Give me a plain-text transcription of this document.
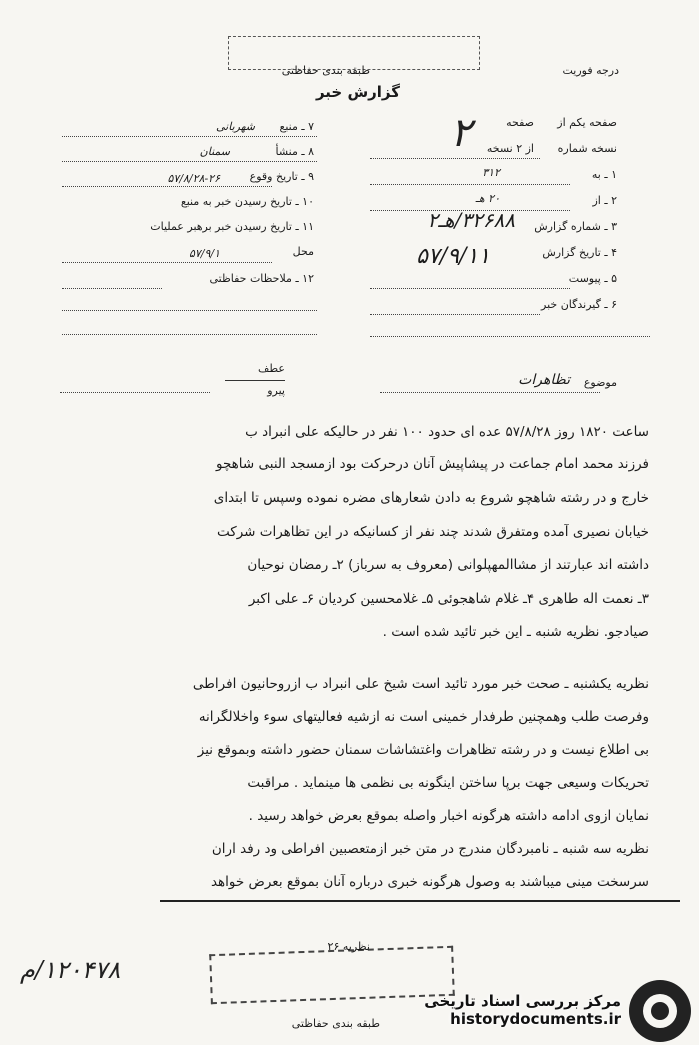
طبقه بندی حفاظتی	درجه فوریت
گزارش خبر
۷ ـ منبع
شهربانی
۸ ـ منشأ
سمنان
۹ ـ تاریخ وقوع
۵۷/۸/۲۸-۲۶
۱۰ ـ تاریخ رسیدن خبر به منبع
۱۱ ـ تاریخ رسیدن خبر برهبر عملیات
محل
۵۷/۹/۱
۱۲ ـ ملاحظات حفاظتی
صفحه یکم از
صفحه
۲	نسخه شماره
از ۲ نسخه
۱ ـ به
۳۱۲
۲ ـ از
۲۰ هـ
۳ ـ شماره گزارش
۳۲۶۸۸/هـ۲
۴ ـ تاریخ گزارش
۵۷/۹/۱۱
۵ ـ پیوست
۶ ـ گیرندگان خبر
عطف
پیرو
موضوع
تظاهرات
ساعت ۱۸۲۰ روز ۵۷/۸/۲۸ عده ای حدود ۱۰۰ نفر در حالیکه علی انبراد ب
فرزند محمد امام جماعت در پیشاپیش آنان درحرکت بود ازمسجد النبی شاهچو
خارج و در رشته شاهچو شروع به دادن شعارهای مضره نموده وسپس تا ابتدای
خیابان نصیری آمده ومتفرق شدند چند نفر از کسانیکه در این تظاهرات شرکت
داشته اند عبارتند از مشاالمهپلوانی (معروف به سرباز) ۲ـ رمضان نوحیان
۳ـ نعمت اله طاهری ۴ـ غلام شاهجوئی ۵ـ غلامحسین کردیان ۶ـ علی اکبر
صیادجو. نظریه شنبه ـ این خبر تائید شده است .
نظریه یکشنبه ـ صحت خبر مورد تائید است شیخ علی انبراد ب ازروحانیون افراطی
وفرصت طلب وهمچنین طرفدار خمینی است نه ازشیه فعالیتهای سوء واخلالگرانه
بی اطلاع نیست و در رشته تظاهرات واغتشاشات سمنان حضور داشته وبموقع نیز
تحریکات وسیعی جهت برپا ساختن اینگونه بی نظمی ها مینماید . مراقبت
نمایان ازوی ادامه داشته هرگونه اخبار واصله بموقع بعرض خواهد رسید .
نظریه سه شنبه ـ نامبردگان مندرج در متن خبر ازمتعصبین افراطی ود رفد اران
سرسخت مینی میباشند به وصول هرگونه خبری درباره آنان بموقع بعرض خواهد
نظریه ۲۶
۱۲۰۴۷۸/م
طبقه بندی حفاظتی
مرکز بررسی اسناد تاریخی
historydocuments.ir
